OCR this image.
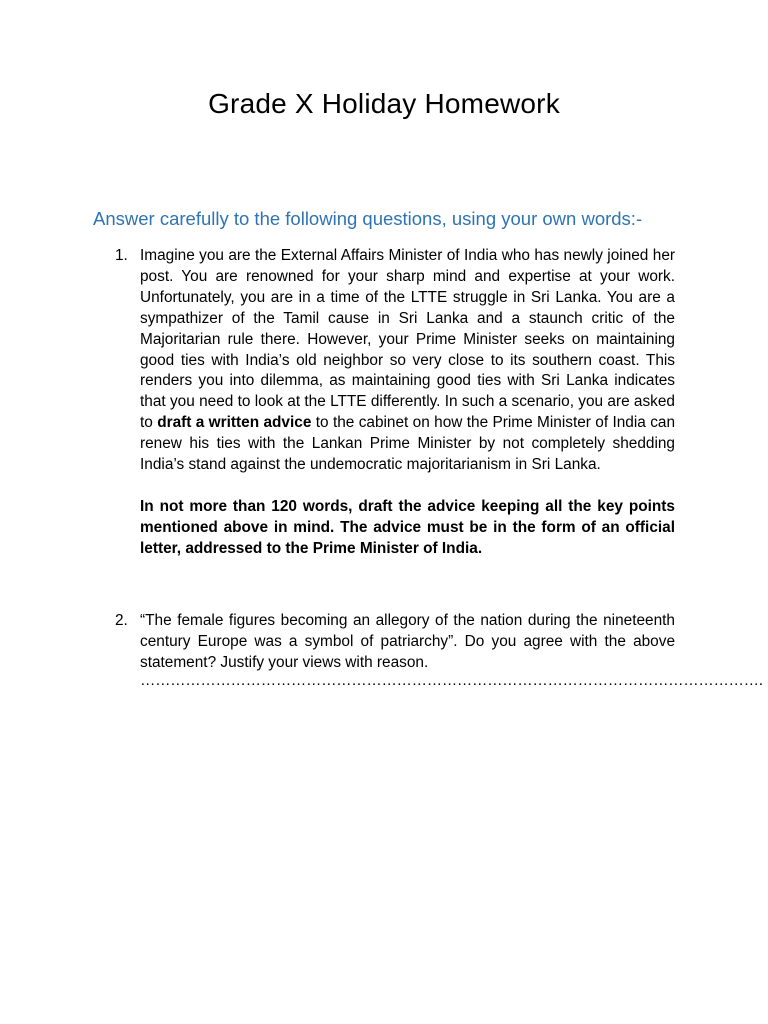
Grade X Holiday Homework

Answer carefully to the following questions, using your own words:-

1. Imagine you are the External Affairs Minister of India who has newly joined her post. You are renowned for your sharp mind and expertise at your work. Unfortunately, you are in a time of the LTTE struggle in Sri Lanka. You are a sympathizer of the Tamil cause in Sri Lanka and a staunch critic of the Majoritarian rule there. However, your Prime Minister seeks on maintaining good ties with India’s old neighbor so very close to its southern coast. This renders you into dilemma, as maintaining good ties with Sri Lanka indicates that you need to look at the LTTE differently. In such a scenario, you are asked to draft a written advice to the cabinet on how the Prime Minister of India can renew his ties with the Lankan Prime Minister by not completely shedding India’s stand against the undemocratic majoritarianism in Sri Lanka.

In not more than 120 words, draft the advice keeping all the key points mentioned above in mind. The advice must be in the form of an official letter, addressed to the Prime Minister of India.

2. “The female figures becoming an allegory of the nation during the nineteenth century Europe was a symbol of patriarchy”. Do you agree with the above statement? Justify your views with reason.

…………………………………………………………………………………………………………….
